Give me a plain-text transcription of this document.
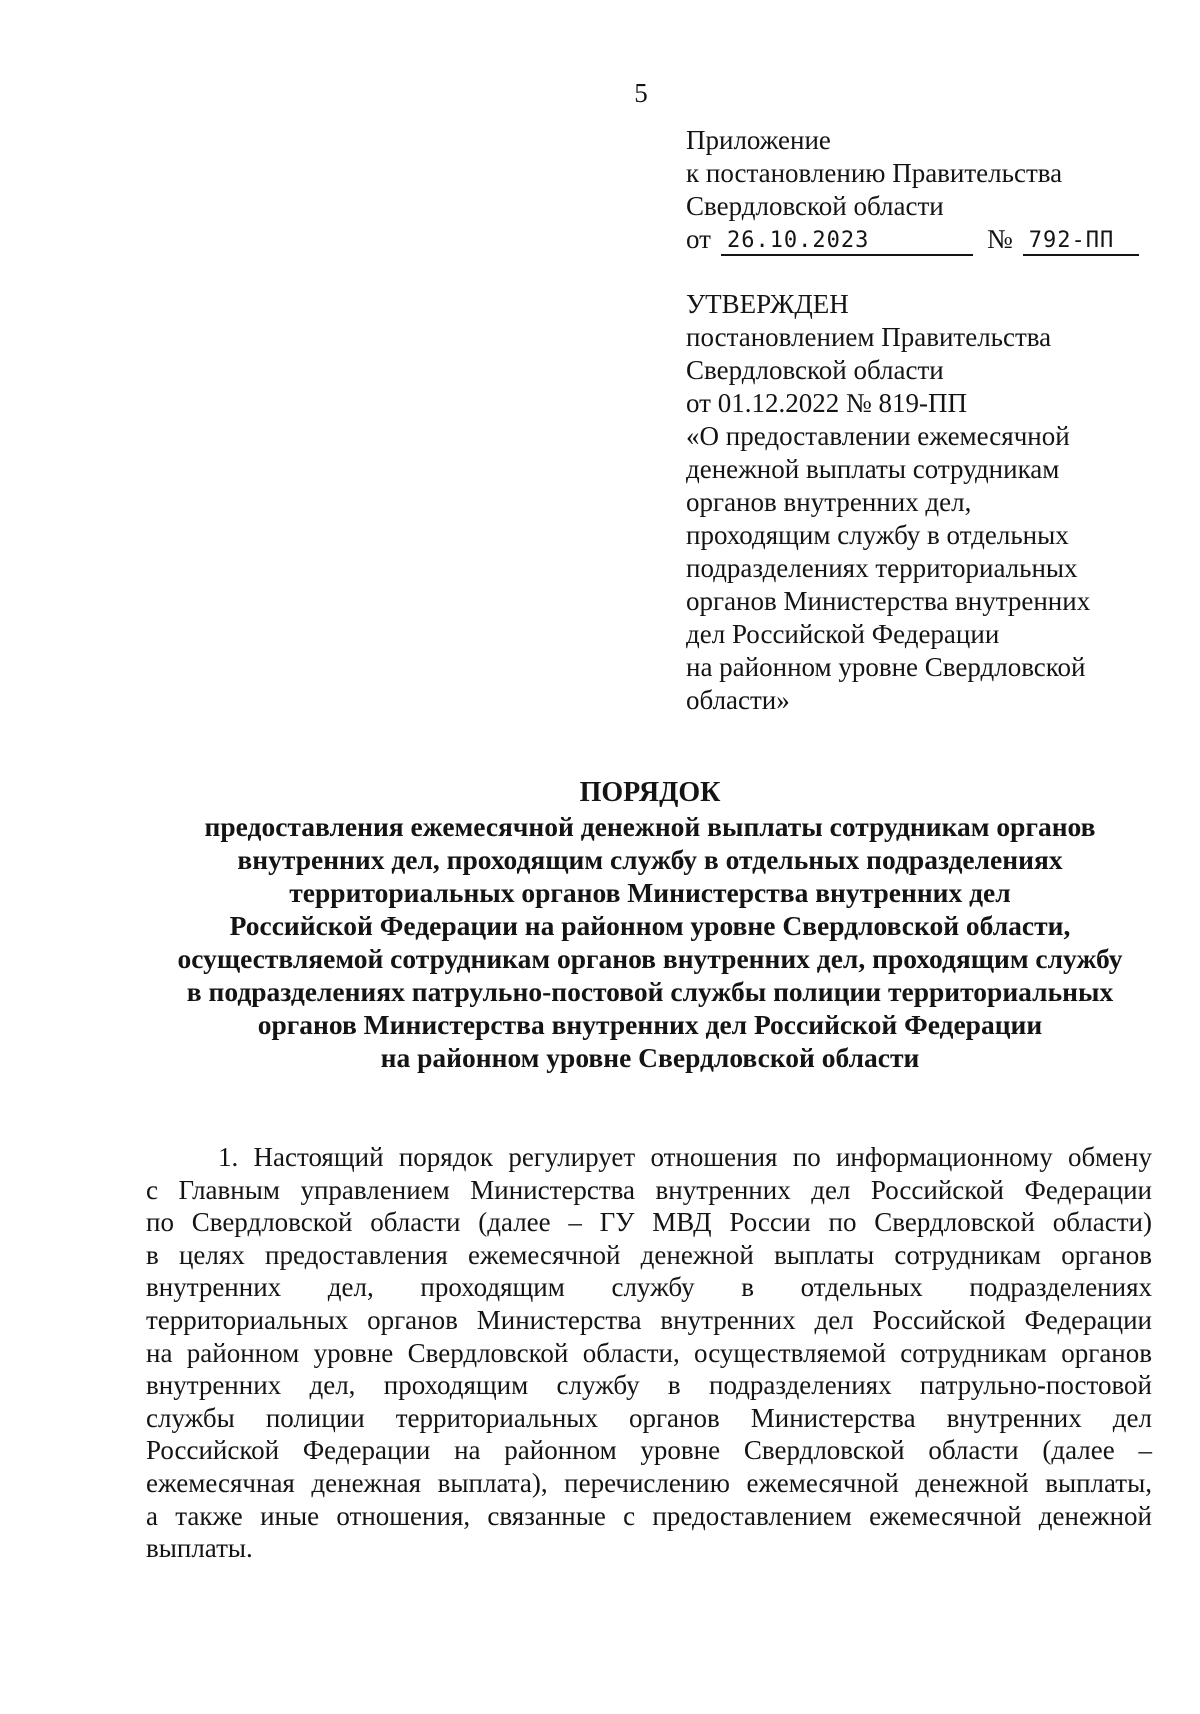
5
Приложение
к постановлению Правительства
Свердловской области
от 26.10.2023	№ 792-ПП
УТВЕРЖДЕН
постановлением Правительства
Свердловской области
от 01.12.2022 № 819-ПП
«О предоставлении ежемесячной
денежной выплаты сотрудникам
органов внутренних дел,
проходящим службу в отдельных
подразделениях территориальных
органов Министерства внутренних
дел Российской Федерации
на районном уровне Свердловской
области»
ПОРЯДОК
предоставления ежемесячной денежной выплаты сотрудникам органов
внутренних дел, проходящим службу в отдельных подразделениях
территориальных органов Министерства внутренних дел
Российской Федерации на районном уровне Свердловской области,
осуществляемой сотрудникам органов внутренних дел, проходящим службу
в подразделениях патрульно-постовой службы полиции территориальных
органов Министерства внутренних дел Российской Федерации
на районном уровне Свердловской области
1. Настоящий порядок регулирует отношения по информационному обмену
с Главным управлением Министерства внутренних дел Российской Федерации
по Свердловской области (далее – ГУ МВД России по Свердловской области)
в целях предоставления ежемесячной денежной выплаты сотрудникам органов
внутренних дел, проходящим службу в отдельных подразделениях
территориальных органов Министерства внутренних дел Российской Федерации
на районном уровне Свердловской области, осуществляемой сотрудникам органов
внутренних дел, проходящим службу в подразделениях патрульно-постовой
службы полиции территориальных органов Министерства внутренних дел
Российской Федерации на районном уровне Свердловской области (далее –
ежемесячная денежная выплата), перечислению ежемесячной денежной выплаты,
а также иные отношения, связанные с предоставлением ежемесячной денежной
выплаты.
